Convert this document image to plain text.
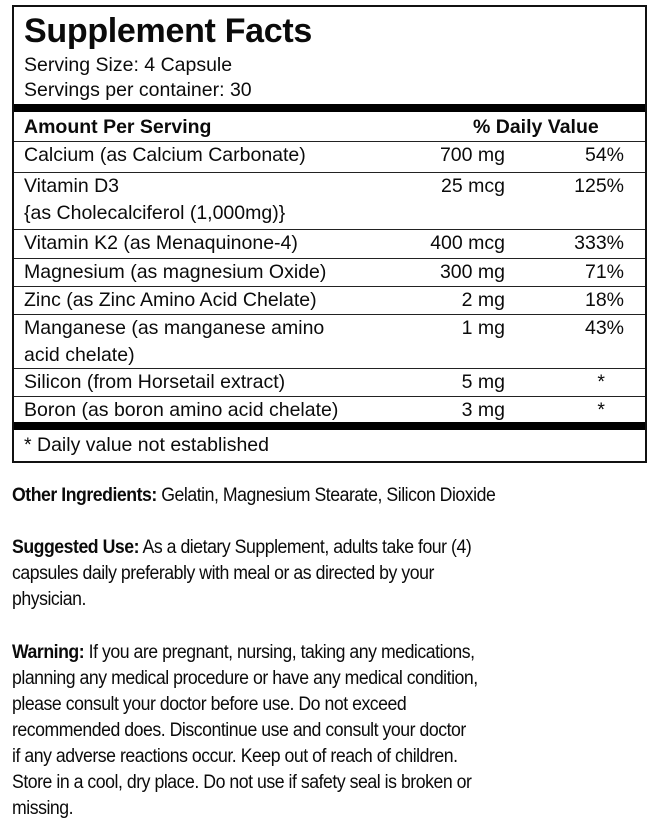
Supplement Facts
Serving Size: 4 Capsule
Servings per container: 30
Amount Per Serving	% Daily Value
Calcium (as Calcium Carbonate)	700 mg	54%
Vitamin D3
{as Cholecalciferol (1,000mg)}
25 mcg	125%
Vitamin K2 (as Menaquinone-4)	400 mcg	333%
Magnesium (as magnesium Oxide)	300 mg	71%
Zinc (as Zinc Amino Acid Chelate)	2 mg	18%
Manganese (as manganese amino
acid chelate)
1 mg	43%
Silicon (from Horsetail extract)	5 mg	*
Boron (as boron amino acid chelate)	3 mg	*
* Daily value not established
Other Ingredients: Gelatin, Magnesium Stearate, Silicon Dioxide
Suggested Use: As a dietary Supplement, adults take four (4)
capsules daily preferably with meal or as directed by your
physician.
Warning: If you are pregnant, nursing, taking any medications,
planning any medical procedure or have any medical condition,
please consult your doctor before use. Do not exceed
recommended does. Discontinue use and consult your doctor
if any adverse reactions occur. Keep out of reach of children.
Store in a cool, dry place. Do not use if safety seal is broken or
missing.
